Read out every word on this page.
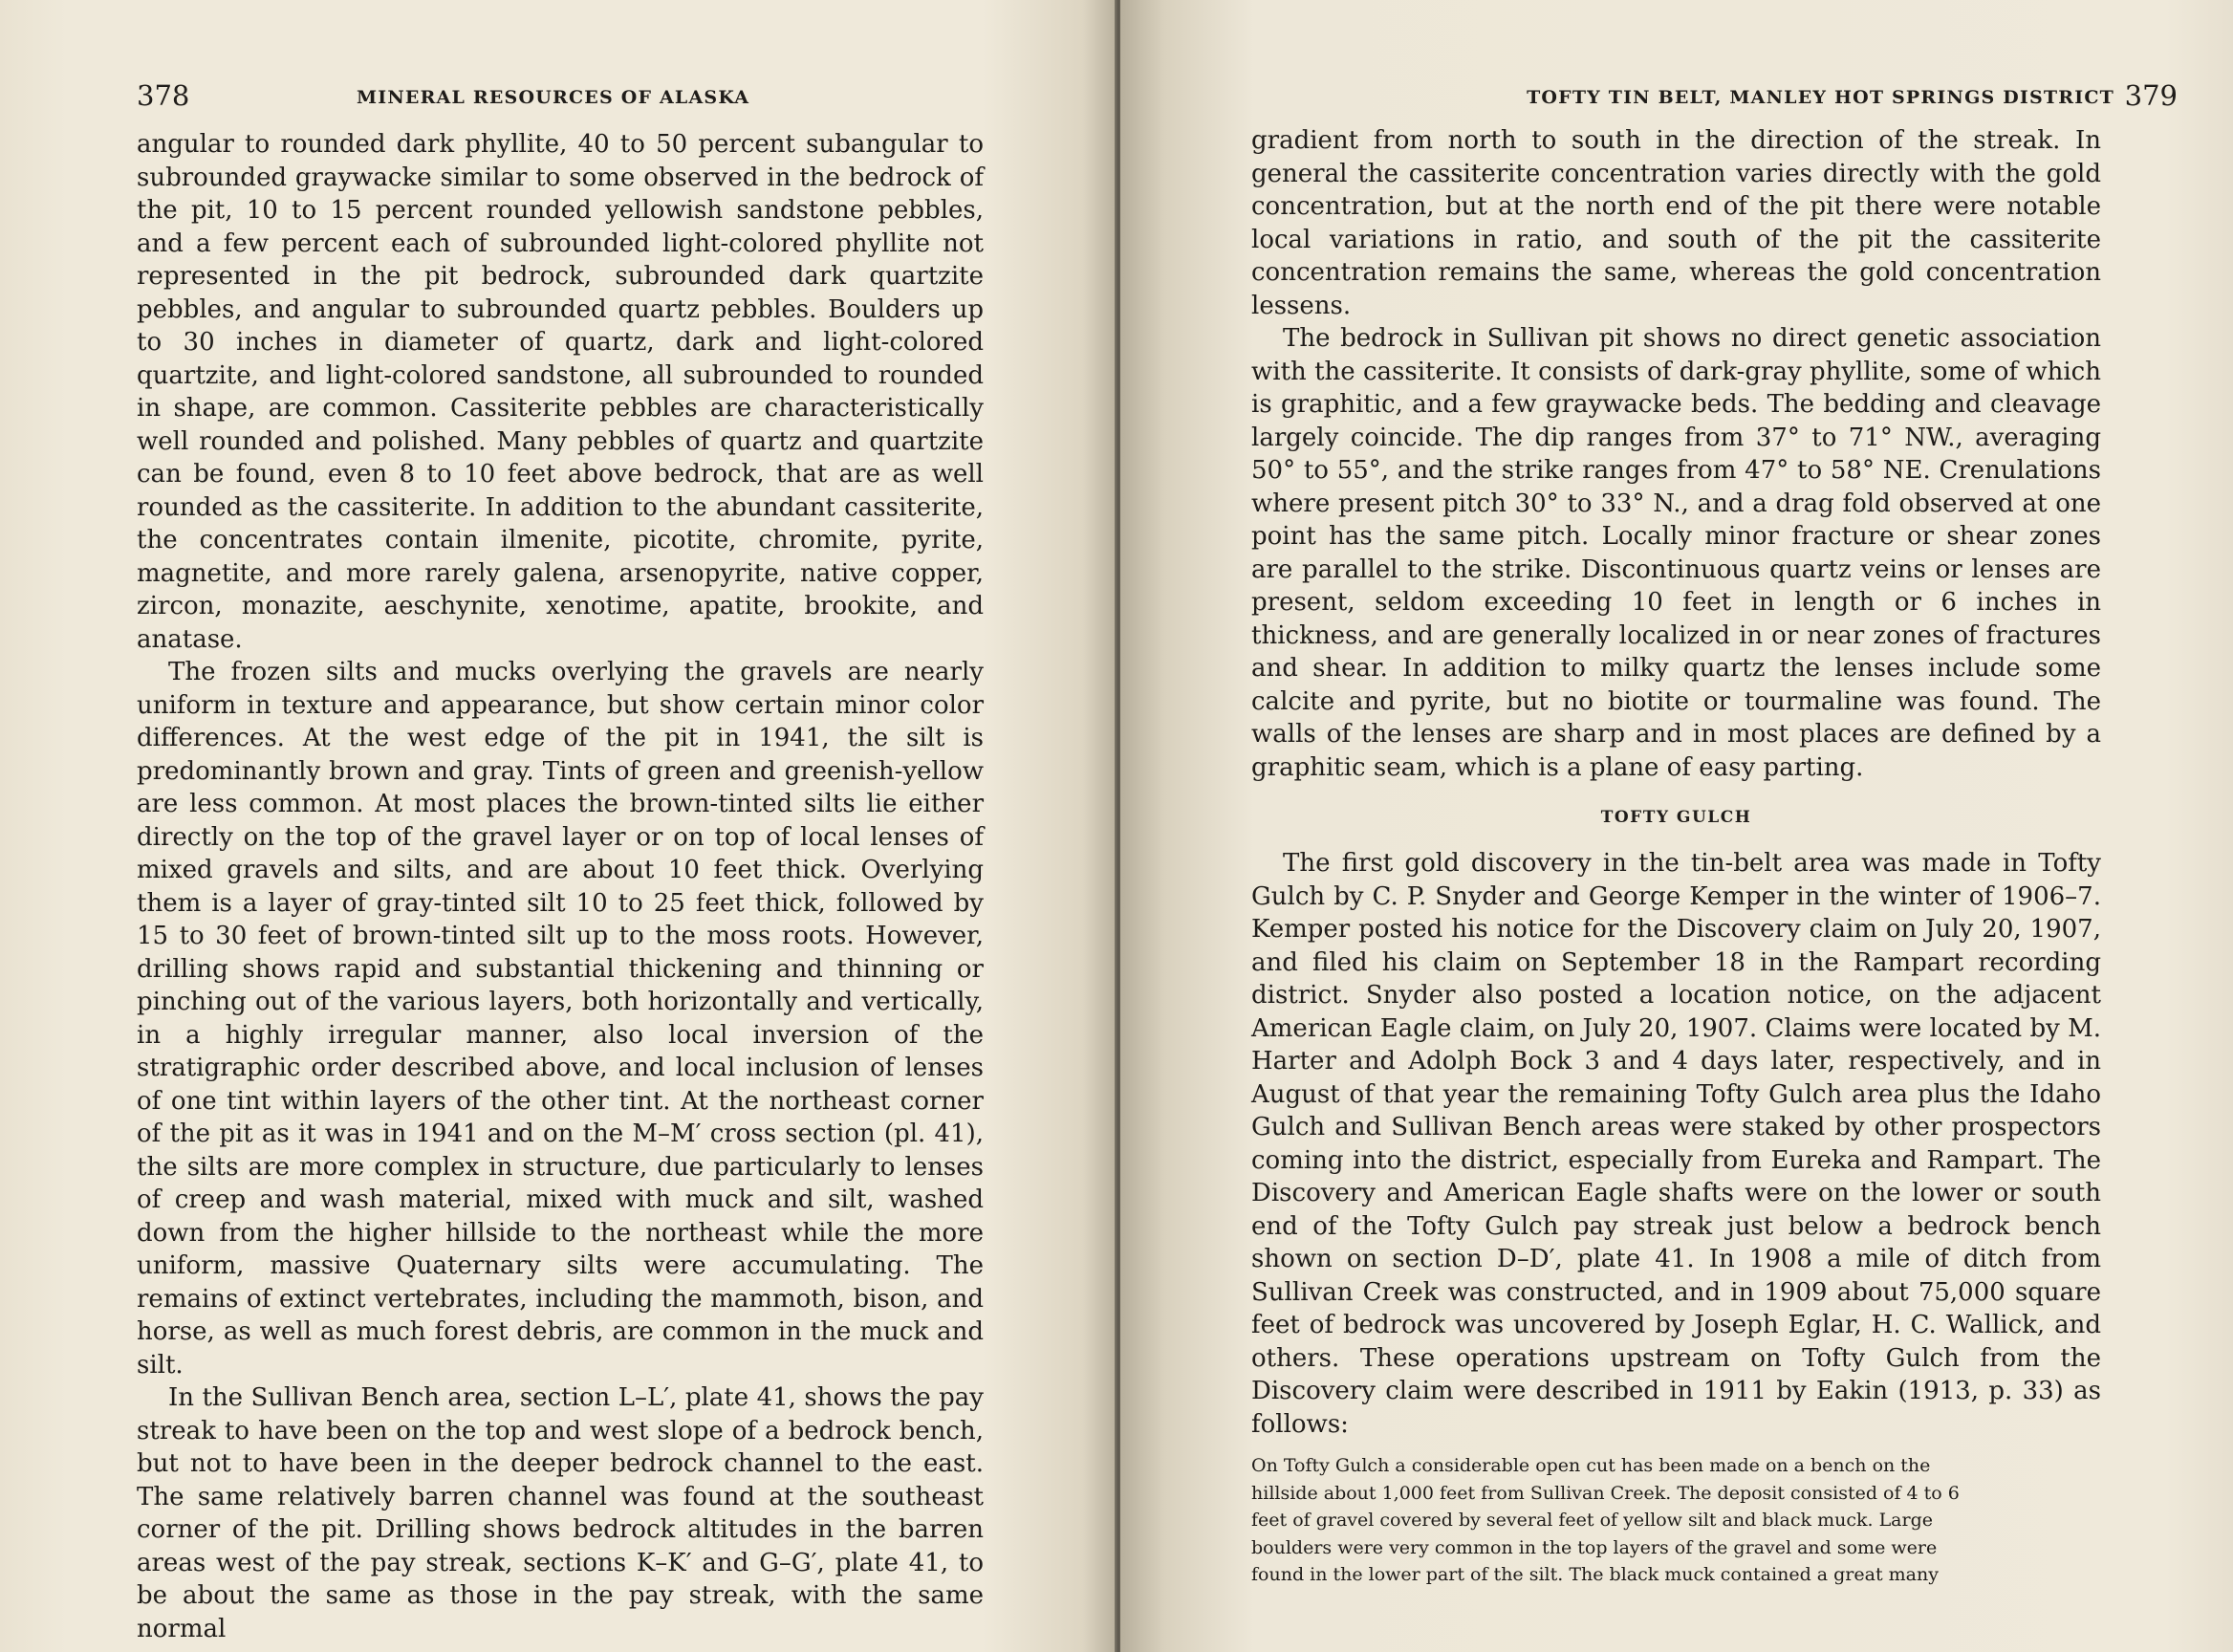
378	MINERAL RESOURCES OF ALASKA

angular to rounded dark phyllite, 40 to 50 percent subangular to subrounded graywacke similar to some observed in the bedrock of the pit, 10 to 15 percent rounded yellowish sandstone pebbles, and a few percent each of subrounded light-colored phyllite not represented in the pit bedrock, subrounded dark quartzite pebbles, and angular to subrounded quartz pebbles. Boulders up to 30 inches in diameter of quartz, dark and light-colored quartzite, and light-colored sandstone, all subrounded to rounded in shape, are common. Cassiterite pebbles are characteristically well rounded and polished. Many pebbles of quartz and quartzite can be found, even 8 to 10 feet above bedrock, that are as well rounded as the cassiterite. In addition to the abundant cassiterite, the concentrates contain ilmenite, picotite, chromite, pyrite, magnetite, and more rarely galena, arsenopyrite, native copper, zircon, monazite, aeschynite, xenotime, apatite, brookite, and anatase.

The frozen silts and mucks overlying the gravels are nearly uniform in texture and appearance, but show certain minor color differences. At the west edge of the pit in 1941, the silt is predominantly brown and gray. Tints of green and greenish-yellow are less common. At most places the brown-tinted silts lie either directly on the top of the gravel layer or on top of local lenses of mixed gravels and silts, and are about 10 feet thick. Overlying them is a layer of gray-tinted silt 10 to 25 feet thick, followed by 15 to 30 feet of brown-tinted silt up to the moss roots. However, drilling shows rapid and substantial thickening and thinning or pinching out of the various layers, both horizontally and vertically, in a highly irregular manner, also local inversion of the stratigraphic order described above, and local inclusion of lenses of one tint within layers of the other tint. At the northeast corner of the pit as it was in 1941 and on the M–M′ cross section (pl. 41), the silts are more complex in structure, due particularly to lenses of creep and wash material, mixed with muck and silt, washed down from the higher hillside to the northeast while the more uniform, massive Quaternary silts were accumulating. The remains of extinct vertebrates, including the mammoth, bison, and horse, as well as much forest debris, are common in the muck and silt.

In the Sullivan Bench area, section L–L′, plate 41, shows the pay streak to have been on the top and west slope of a bedrock bench, but not to have been in the deeper bedrock channel to the east. The same relatively barren channel was found at the southeast corner of the pit. Drilling shows bedrock altitudes in the barren areas west of the pay streak, sections K–K′ and G–G′, plate 41, to be about the same as those in the pay streak, with the same normal

TOFTY TIN BELT, MANLEY HOT SPRINGS DISTRICT 379

gradient from north to south in the direction of the streak. In general the cassiterite concentration varies directly with the gold concentration, but at the north end of the pit there were notable local variations in ratio, and south of the pit the cassiterite concentration remains the same, whereas the gold concentration lessens.

The bedrock in Sullivan pit shows no direct genetic association with the cassiterite. It consists of dark-gray phyllite, some of which is graphitic, and a few graywacke beds. The bedding and cleavage largely coincide. The dip ranges from 37° to 71° NW., averaging 50° to 55°, and the strike ranges from 47° to 58° NE. Crenulations where present pitch 30° to 33° N., and a drag fold observed at one point has the same pitch. Locally minor fracture or shear zones are parallel to the strike. Discontinuous quartz veins or lenses are present, seldom exceeding 10 feet in length or 6 inches in thickness, and are generally localized in or near zones of fractures and shear. In addition to milky quartz the lenses include some calcite and pyrite, but no biotite or tourmaline was found. The walls of the lenses are sharp and in most places are defined by a graphitic seam, which is a plane of easy parting.

TOFTY GULCH

The first gold discovery in the tin-belt area was made in Tofty Gulch by C. P. Snyder and George Kemper in the winter of 1906–7. Kemper posted his notice for the Discovery claim on July 20, 1907, and filed his claim on September 18 in the Rampart recording district. Snyder also posted a location notice, on the adjacent American Eagle claim, on July 20, 1907. Claims were located by M. Harter and Adolph Bock 3 and 4 days later, respectively, and in August of that year the remaining Tofty Gulch area plus the Idaho Gulch and Sullivan Bench areas were staked by other prospectors coming into the district, especially from Eureka and Rampart. The Discovery and American Eagle shafts were on the lower or south end of the Tofty Gulch pay streak just below a bedrock bench shown on section D–D′, plate 41. In 1908 a mile of ditch from Sullivan Creek was constructed, and in 1909 about 75,000 square feet of bedrock was uncovered by Joseph Eglar, H. C. Wallick, and others. These operations upstream on Tofty Gulch from the Discovery claim were described in 1911 by Eakin (1913, p. 33) as follows:

On Tofty Gulch a considerable open cut has been made on a bench on the
hillside about 1,000 feet from Sullivan Creek. The deposit consisted of 4 to 6
feet of gravel covered by several feet of yellow silt and black muck. Large
boulders were very common in the top layers of the gravel and some were
found in the lower part of the silt. The black muck contained a great many
